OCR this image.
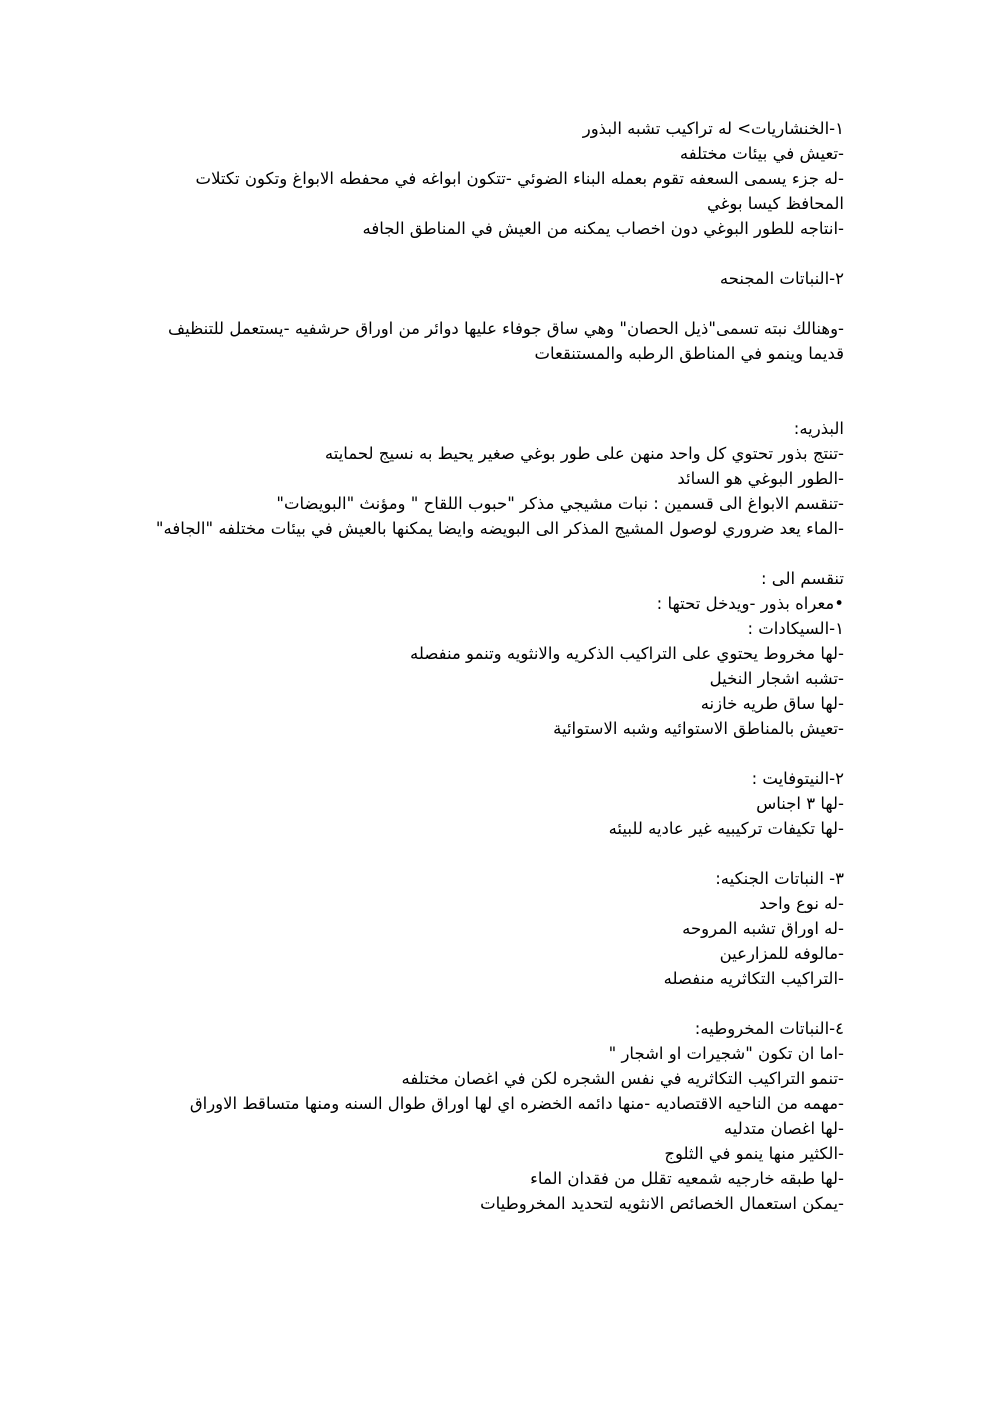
١-الخنشاريات> له تراكيب تشبه البذور

-تعيش في بيئات مختلفه

-له جزء يسمى السعفه تقوم بعمله البناء الضوئي -تتكون ابواغه في محفطه الابواغ وتكون تكتلات المحافظ كيسا بوغي

-انتاجه للطور البوغي دون اخصاب يمكنه من العيش في المناطق الجافه

٢-النباتات المجنحه

-وهنالك نبته تسمى"ذيل الحصان" وهي ساق جوفاء عليها دوائر من اوراق حرشفيه -يستعمل للتنظيف قديما وينمو في المناطق الرطبه والمستنقعات

البذريه:

-تنتج بذور تحتوي كل واحد منهن على طور بوغي صغير يحيط به نسيج لحمايته

-الطور البوغي هو السائد

-تنقسم الابواغ الى قسمين : نبات مشيجي مذكر "حبوب اللقاح " ومؤنث "البويضات"

-الماء يعد ضروري لوصول المشيج المذكر الى البويضه وايضا يمكنها بالعيش في بيئات مختلفه "الجافه"

تنقسم الى :

•معراه بذور -ويدخل تحتها :

١-السيكادات :

-لها مخروط يحتوي على التراكيب الذكريه والانثويه وتنمو منفصله

-تشبه اشجار النخيل

-لها ساق طريه خازنه

-تعيش بالمناطق الاستوائيه وشبه الاستوائية

٢-النيتوفايت :

-لها ٣ اجناس

-لها تكيفات تركيبيه غير عاديه للبيئه

٣- النباتات الجنكيه:

-له نوع واحد

-له اوراق تشبه المروحه

-مالوفه للمزارعين

-التراكيب التكاثريه منفصله

٤-النباتات المخروطيه:

-اما ان تكون "شجيرات او اشجار "

-تنمو التراكيب التكاثريه في نفس الشجره لكن في اغصان مختلفه

-مهمه من الناحيه الاقتصاديه -منها دائمه الخضره اي لها اوراق طوال السنه ومنها متساقط الاوراق

-لها اغصان متدليه

-الكثير منها ينمو في الثلوج

-لها طبقه خارجيه شمعيه تقلل من فقدان الماء

-يمكن استعمال الخصائص الانثويه لتحديد المخروطيات
